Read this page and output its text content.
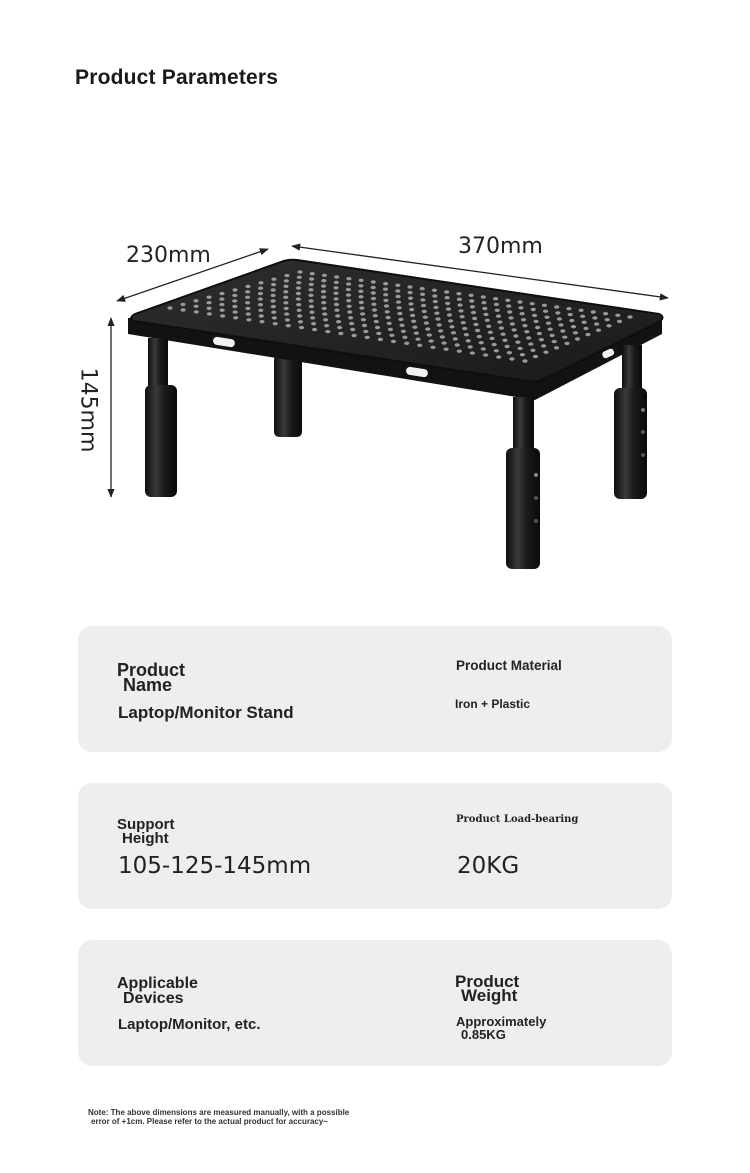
Product Parameters
230mm	370mm
145mm
Product
Name
Laptop/Monitor Stand
Product Material
Iron + Plastic
Support
Height
105-125-145mm
Product Load-bearing
20KG
Applicable
Devices
Laptop/Monitor, etc.
Product
Weight
Approximately
0.85KG
Note: The above dimensions are measured manually, with a possible
error of +1cm. Please refer to the actual product for accuracy~
